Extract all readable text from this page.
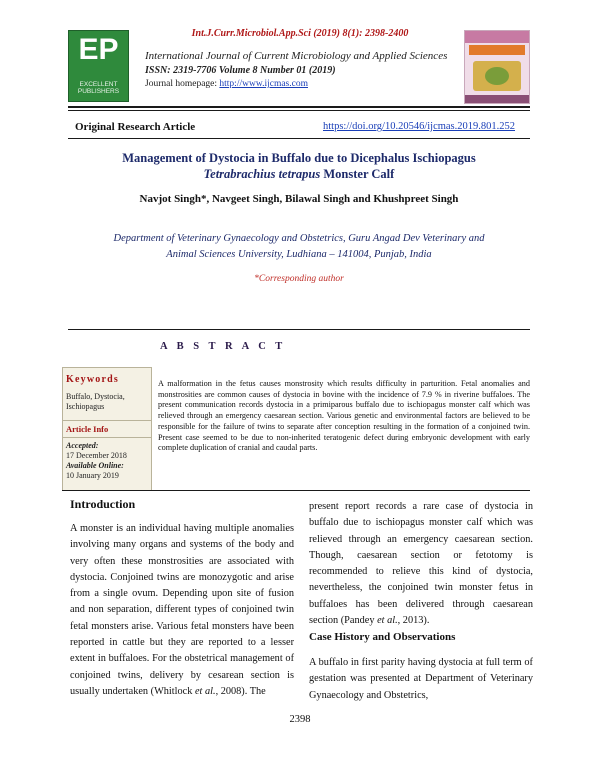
Int.J.Curr.Microbiol.App.Sci (2019) 8(1): 2398-2400
EP
EXCELLENT PUBLISHERS
International Journal of Current Microbiology and Applied Sciences
ISSN: 2319-7706 Volume 8 Number 01 (2019)
Journal homepage: http://www.ijcmas.com
Original Research Article	https://doi.org/10.20546/ijcmas.2019.801.252
Management of Dystocia in Buffalo due to Dicephalus Ischiopagus
Tetrabrachius tetrapus Monster Calf
Navjot Singh*, Navgeet Singh, Bilawal Singh and Khushpreet Singh
Department of Veterinary Gynaecology and Obstetrics, Guru Angad Dev Veterinary and
Animal Sciences University, Ludhiana – 141004, Punjab, India
*Corresponding author
A B S T R A C T
Keywords
Buffalo, Dystocia, Ischiopagus
Article Info
Accepted:
17 December 2018
Available Online:
10 January 2019
A malformation in the fetus causes monstrosity which results difficulty in parturition. Fetal anomalies and monstrosities are common causes of dystocia in bovine with the incidence of 7.9 % in riverine buffaloes. The present communication records dystocia in a primiparous buffalo due to ischiopagus monster calf which was relieved through an emergency caesarean section. Various genetic and environmental factors are believed to be responsible for the failure of twins to separate after conception resulting in the formation of a conjoined twin. Present case seemed to be due to non-inherited teratogenic defect during embryonic development with early complete duplication of cranial and caudal parts.
Introduction
A monster is an individual having multiple anomalies involving many organs and systems of the body and very often these monstrosities are associated with dystocia. Conjoined twins are monozygotic and arise from a single ovum. Depending upon site of fusion and non separation, different types of conjoined twin fetal monsters arise. Various fetal monsters have been reported in cattle but they are reported to a lesser extent in buffaloes. For the obstetrical management of conjoined twins, delivery by cesarean section is usually undertaken (Whitlock et al., 2008). The
present report records a rare case of dystocia in buffalo due to ischiopagus monster calf which was relieved through an emergency caesarean section. Though, caesarean section or fetotomy is recommended to relieve this kind of dystocia, nevertheless, the conjoined twin monster fetus in buffaloes has been delivered through caesarean section (Pandey et al., 2013).
Case History and Observations
A buffalo in first parity having dystocia at full term of gestation was presented at Department of Veterinary Gynaecology and Obstetrics,
2398
